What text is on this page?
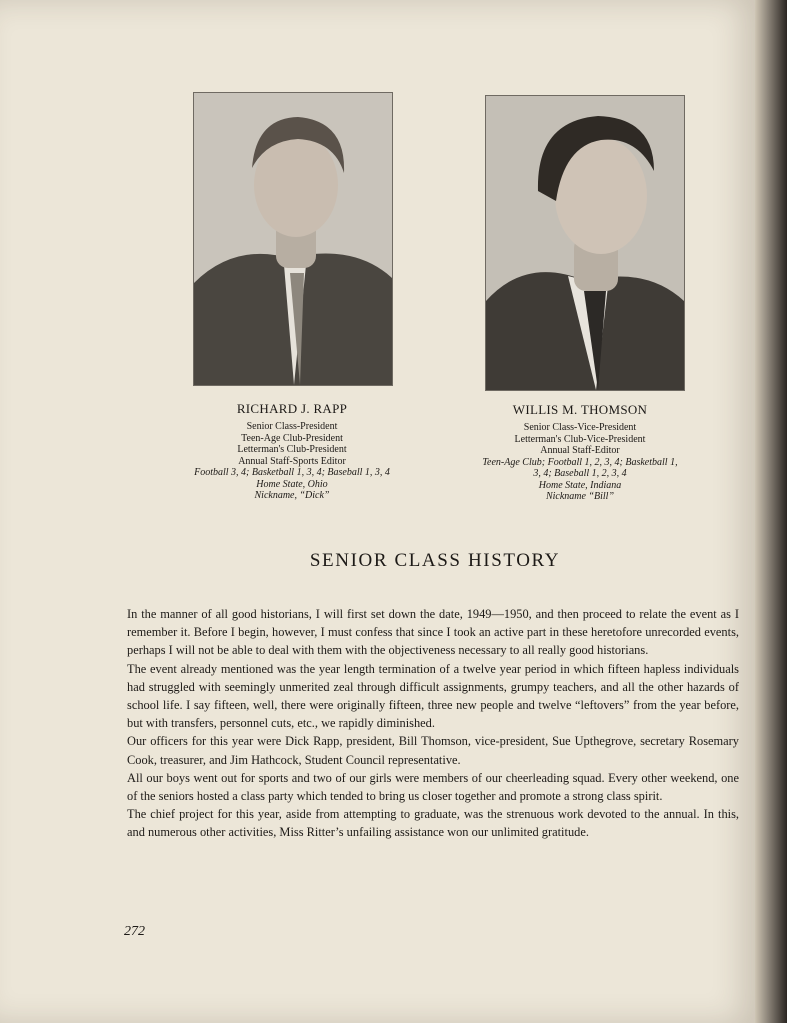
RICHARD J. RAPP
Senior Class-President
Teen-Age Club-President
Letterman's Club-President
Annual Staff-Sports Editor
Football 3, 4; Basketball 1, 3, 4; Baseball 1, 3, 4
Home State, Ohio
Nickname, “Dick”
WILLIS M. THOMSON
Senior Class-Vice-President
Letterman's Club-Vice-President
Annual Staff-Editor
Teen-Age Club; Football 1, 2, 3, 4; Basketball 1,
3, 4; Baseball 1, 2, 3, 4
Home State, Indiana
Nickname “Bill”
SENIOR CLASS HISTORY

In the manner of all good historians, I will first set down the date, 1949—1950, and then proceed to relate the event as I remember it. Before I begin, however, I must confess that since I took an active part in these heretofore unrecorded events, perhaps I will not be able to deal with them with the objectiveness necessary to all really good historians.

The event already mentioned was the year length termination of a twelve year period in which fifteen hapless individuals had struggled with seemingly unmerited zeal through difficult assignments, grumpy teachers, and all the other hazards of school life. I say fifteen, well, there were originally fifteen, three new people and twelve “leftovers” from the year before, but with transfers, personnel cuts, etc., we rapidly diminished.

Our officers for this year were Dick Rapp, president, Bill Thomson, vice-president, Sue Upthegrove, secretary Rosemary Cook, treasurer, and Jim Hathcock, Student Council representative.

All our boys went out for sports and two of our girls were members of our cheerleading squad. Every other weekend, one of the seniors hosted a class party which tended to bring us closer together and promote a strong class spirit.

The chief project for this year, aside from attempting to graduate, was the strenuous work devoted to the annual. In this, and numerous other activities, Miss Ritter’s unfailing assistance won our unlimited gratitude.

272
